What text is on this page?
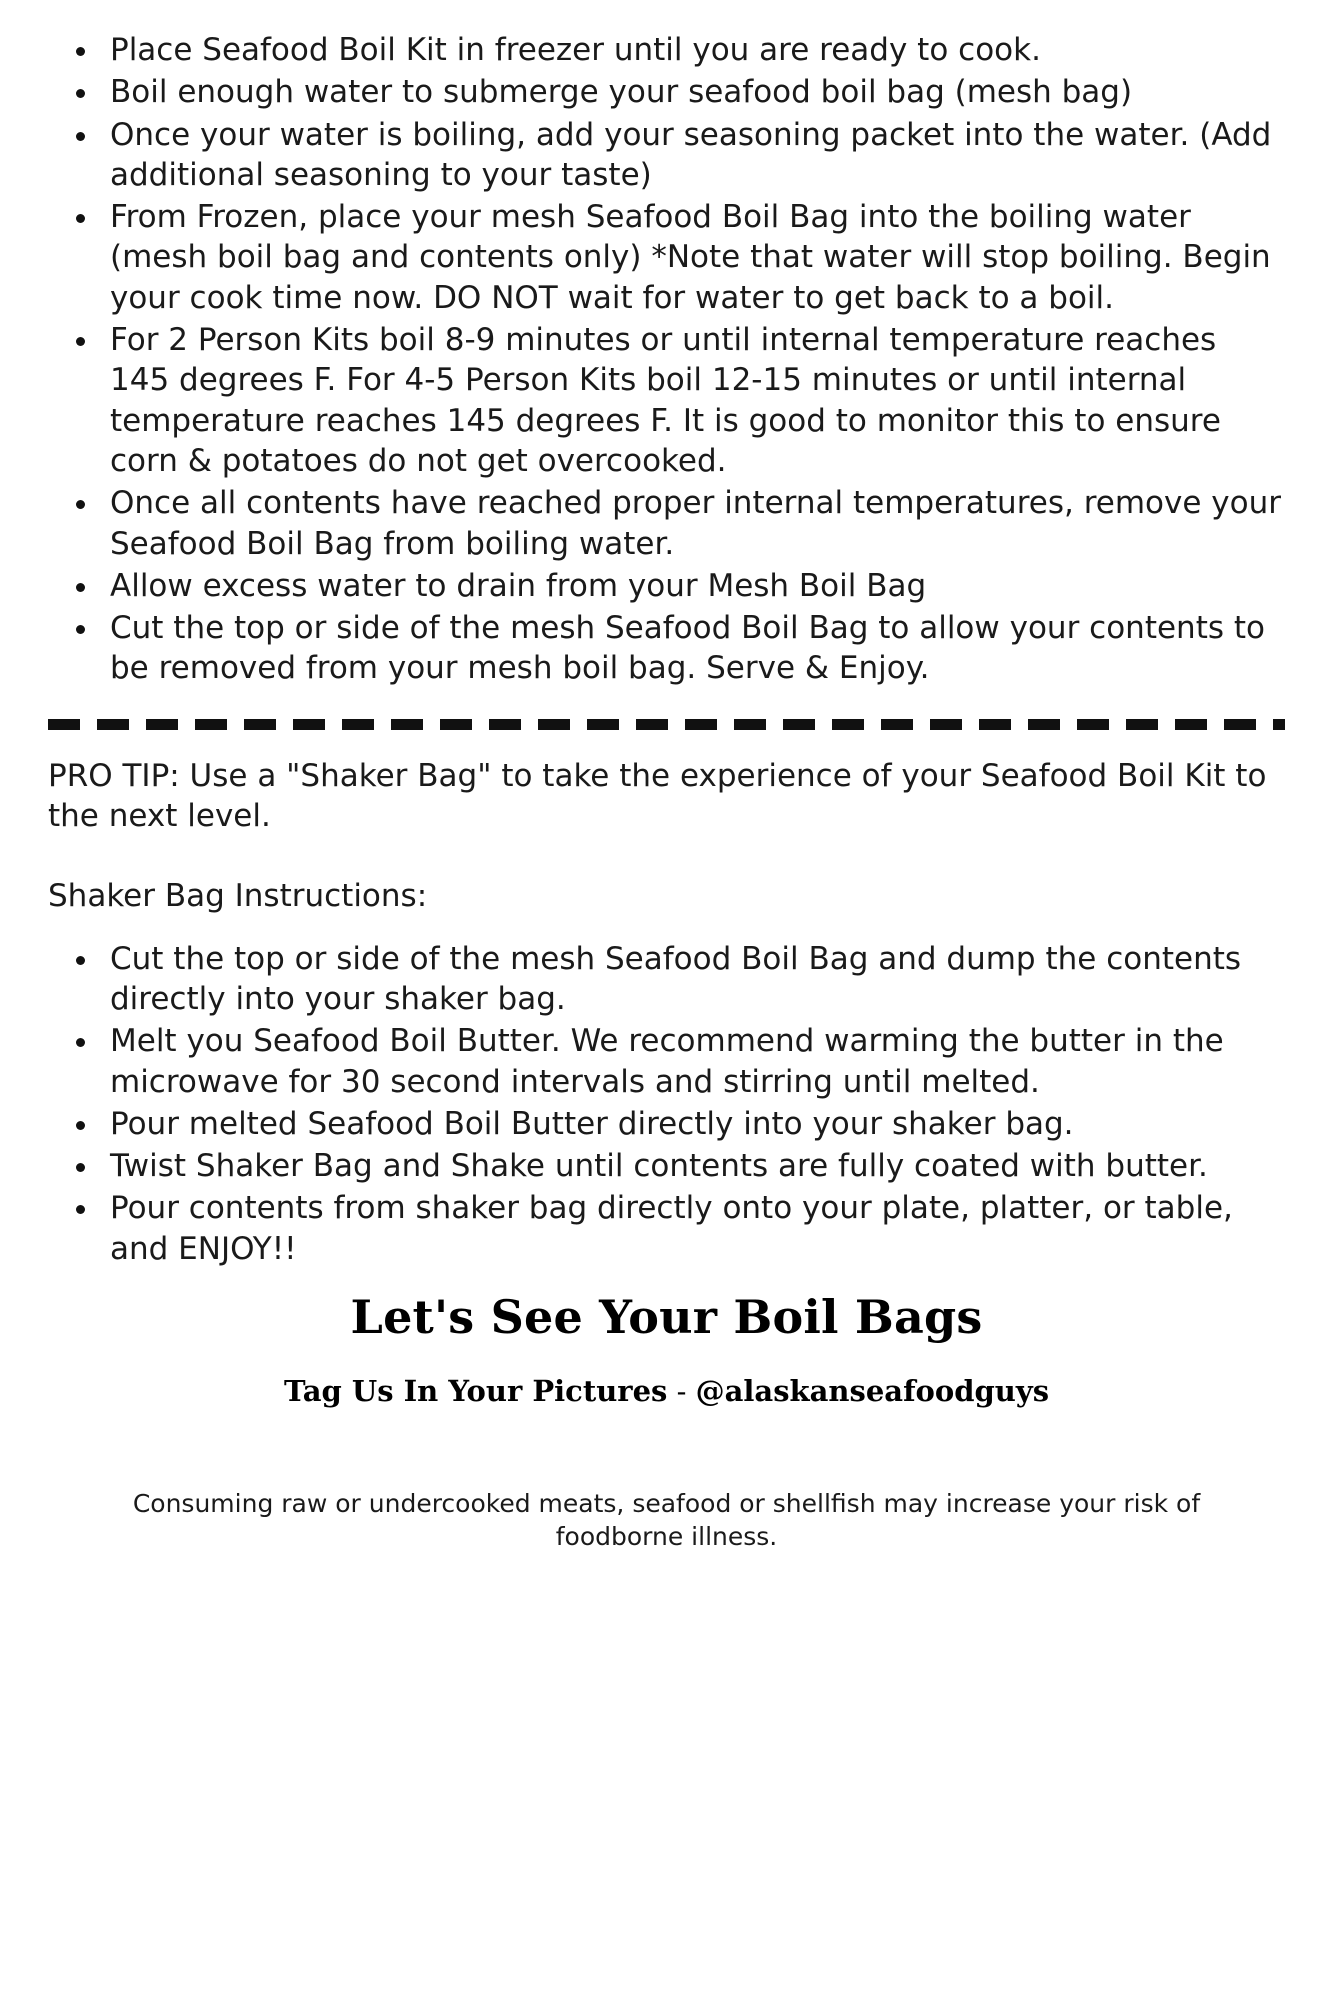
Place Seafood Boil Kit in freezer until you are ready to cook.
Boil enough water to submerge your seafood boil bag (mesh bag)
Once your water is boiling, add your seasoning packet into the water. (Add additional seasoning to your taste)
From Frozen, place your mesh Seafood Boil Bag into the boiling water (mesh boil bag and contents only) *Note that water will stop boiling. Begin your cook time now. DO NOT wait for water to get back to a boil.
For 2 Person Kits boil 8-9 minutes or until internal temperature reaches 145 degrees F. For 4-5 Person Kits boil 12-15 minutes or until internal temperature reaches 145 degrees F. It is good to monitor this to ensure corn & potatoes do not get overcooked.
Once all contents have reached proper internal temperatures, remove your Seafood Boil Bag from boiling water.
Allow excess water to drain from your Mesh Boil Bag
Cut the top or side of the mesh Seafood Boil Bag to allow your contents to be removed from your mesh boil bag. Serve & Enjoy.

PRO TIP: Use a "Shaker Bag" to take the experience of your Seafood Boil Kit to the next level.

Shaker Bag Instructions:

Cut the top or side of the mesh Seafood Boil Bag and dump the contents directly into your shaker bag.
Melt you Seafood Boil Butter. We recommend warming the butter in the microwave for 30 second intervals and stirring until melted.
Pour melted Seafood Boil Butter directly into your shaker bag.
Twist Shaker Bag and Shake until contents are fully coated with butter.
Pour contents from shaker bag directly onto your plate, platter, or table, and ENJOY!!
Let's See Your Boil Bags

Tag Us In Your Pictures - @alaskanseafoodguys

Consuming raw or undercooked meats, seafood or shellfish may increase your risk of foodborne illness.
